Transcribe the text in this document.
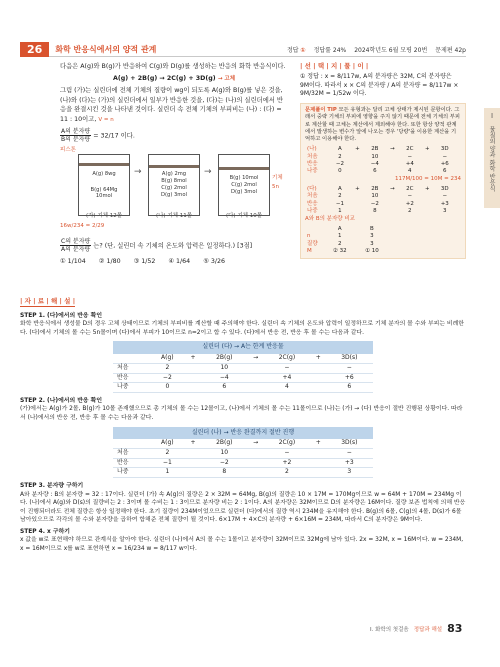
26	화학 반응식에서의 양적 관계	정답 ① 정답률 24% 2024학년도 6월 모평 20번 문제편 42p
I
물질의 양과 화학 반응식

다음은 A(g)와 B(g)가 반응하여 C(g)와 D(g)를 생성하는 반응의 화학 반응식이다.

A(g) + 2B(g) → 2C(g) + 3D(g) → 고체

그림 (가)는 실린더에 전체 기체의 질량이 wg이 되도록 A(g)와 B(g)를 넣은 것을, (나)와 (다)는 (가)의 실린더에서 일부가 반응한 것을, (다)는 (나)의 실린더에서 반응을 완결시킨 것을 나타낸 것이다. 실린더 속 전체 기체의 부피비는 (나) : (다) = 11 : 10이고, V = n

$\frac{\text{A의 분자량}}{\text{B의 분자량}} = 32/17$ 이다.

피스톤
A(g) 8wg
B(g) 64Mg 10mol
→	A(g) 2mg
B(g) 8mol
C(g) 2mol
D(g) 3mol
→
B(g) 10mol
C(g) 2mol
D(g) 3mol
기체 5n
(가) 기체 12몰	(나) 기체 11몰	(다) 기체 10몰
16w/234 = 2/29

$\frac{\text{C의 분자량}}{\text{A의 분자량}}$ 는? (단, 실린더 속 기체의 온도와 압력은 일정하다.) [3점]

① 1/104 ② 1/80 ③ 1/52 ④ 1/64 ⑤ 3/26
| 선 | 택 | 지 | 풀 | 이 |

① 정답 : x = 8/117w, A의 분자량은 32M, C의 분자량은

9M이다. 따라서 x × C의 분자량 / A의 분자량 = 8/117w × 9M/32M = 1/52w 이다.

문제풀이 TIP 모든 유형과는 달리 고체 상태가 제시된 문항이다. 그래서 중략 기체의 부피에 영향을 주지 않기 때문에 전체 기체의 부피로 계산할 때 고체는 계산에서 제외해야 한다. 또한 항상 양적 관계에서 발생하는 변수가 앞에 나오는 경우 '당량'을 이용한 계산을 기억하고 이용해야 한다.
(나)	A	+	2B	→	2C	+	3D
처음	2		10		−		−
반응	−2		−4		+4		+6
나중	0		6		4		6
117M/100 = 10M = 234
(다)	A	+	2B	→	2C	+	3D
처음	2		10		−		−
반응	−1		−2		+2		+3
나중	1		8		2		3
A와 B의 분자량 비교
	A		B
n	1		3
질량	2		3
M	② 32		① 10
| 자 | 료 | 해 | 설 |
STEP 1. (다)에서의 반응 확인

화학 반응식에서 생성물 D의 경우 고체 상태이므로 기체의 부피비를 계산할 때 주의해야 한다. 실린더 속 기체의 온도와 압력이 일정하므로 기체 분자의 몰 수와 부피는 비례한다. (다)에서 기체의 몰 수는 5n몰이며 (다)에서 부피가 10이므로 n=2이고 합 수 있다. (다)에서 반응 전, 반응 후 몰 수는 다음과 같다.

실린더 (다) → A는 한계 반응물
	A(g)	+	2B(g)	→	2C(g)	+	3D(s)
처음	2		10		−		−
반응	−2		−4		+4		+6
나중	0		6		4		6
STEP 2. (나)에서의 반응 확인

(가)에서는 A(g)가 2몰, B(g)가 10몰 존재했으므로 총 기체의 몰 수는 12몰이고, (나)에서 기체의 몰 수는 11몰이므로 (나)는 (가) → (다) 반응이 절반 진행된 상황이다. 따라서 (나)에서의 반응 전, 반응 후 몰 수는 다음과 같다.

실린더 (나) → 반응 완결까지 절반 진행
	A(g)	+	2B(g)	→	2C(g)	+	3D(s)
처음	2		10		−		−
반응	−1		−2		+2		+3
나중	1		8		2		3
STEP 3. 분자량 구하기

A와 분자량 : B의 분자량 = 32 : 17이다. 실린더 (가) 속 A(g)의 질량은 2 × 32M = 64Mg, B(g)의 질량은 10 × 17M = 170Mg이므로 w = 64M + 170M = 234Mg 이다. (나)에서 A(g)와 D(s)의 질량비는 2 : 3이며 몰 수비는 1 : 3이므로 분자량 비는 2 : 1이다. A의 분자량은 32M이므로 D의 분자량은 16M이다. 질량 보존 법칙에 의해 반응이 진행되더라도 전체 질량은 항상 일정해야 한다. 초기 질량이 234M이었으므로 실린더 (다)에서의 질량 역시 234M을 유지해야 한다. B(g)의 6몰, C(g)의 4몰, D(s)가 6몰 남아있으므로 각각의 몰 수와 분자량을 곱하여 합해준 전체 질량이 될 것이다. 6×17M + 4×C의 분자량 + 6×16M = 234M, 따라서 C의 분자량은 9M이다.

STEP 4. x 구하기

x 값을 w로 표현해야 하므로 관계식을 알아야 한다. 실린더 (나)에서 A의 몰 수는 1몰이고 분자량이 32M이므로 32Mg에 남아 있다. 2x = 32M, x = 16M이다. w = 234M, x = 16M이므로 x를 w로 표현하면 x = 16/234 w = 8/117 w이다.

I. 화학의 첫걸음 정답과 해설 83
